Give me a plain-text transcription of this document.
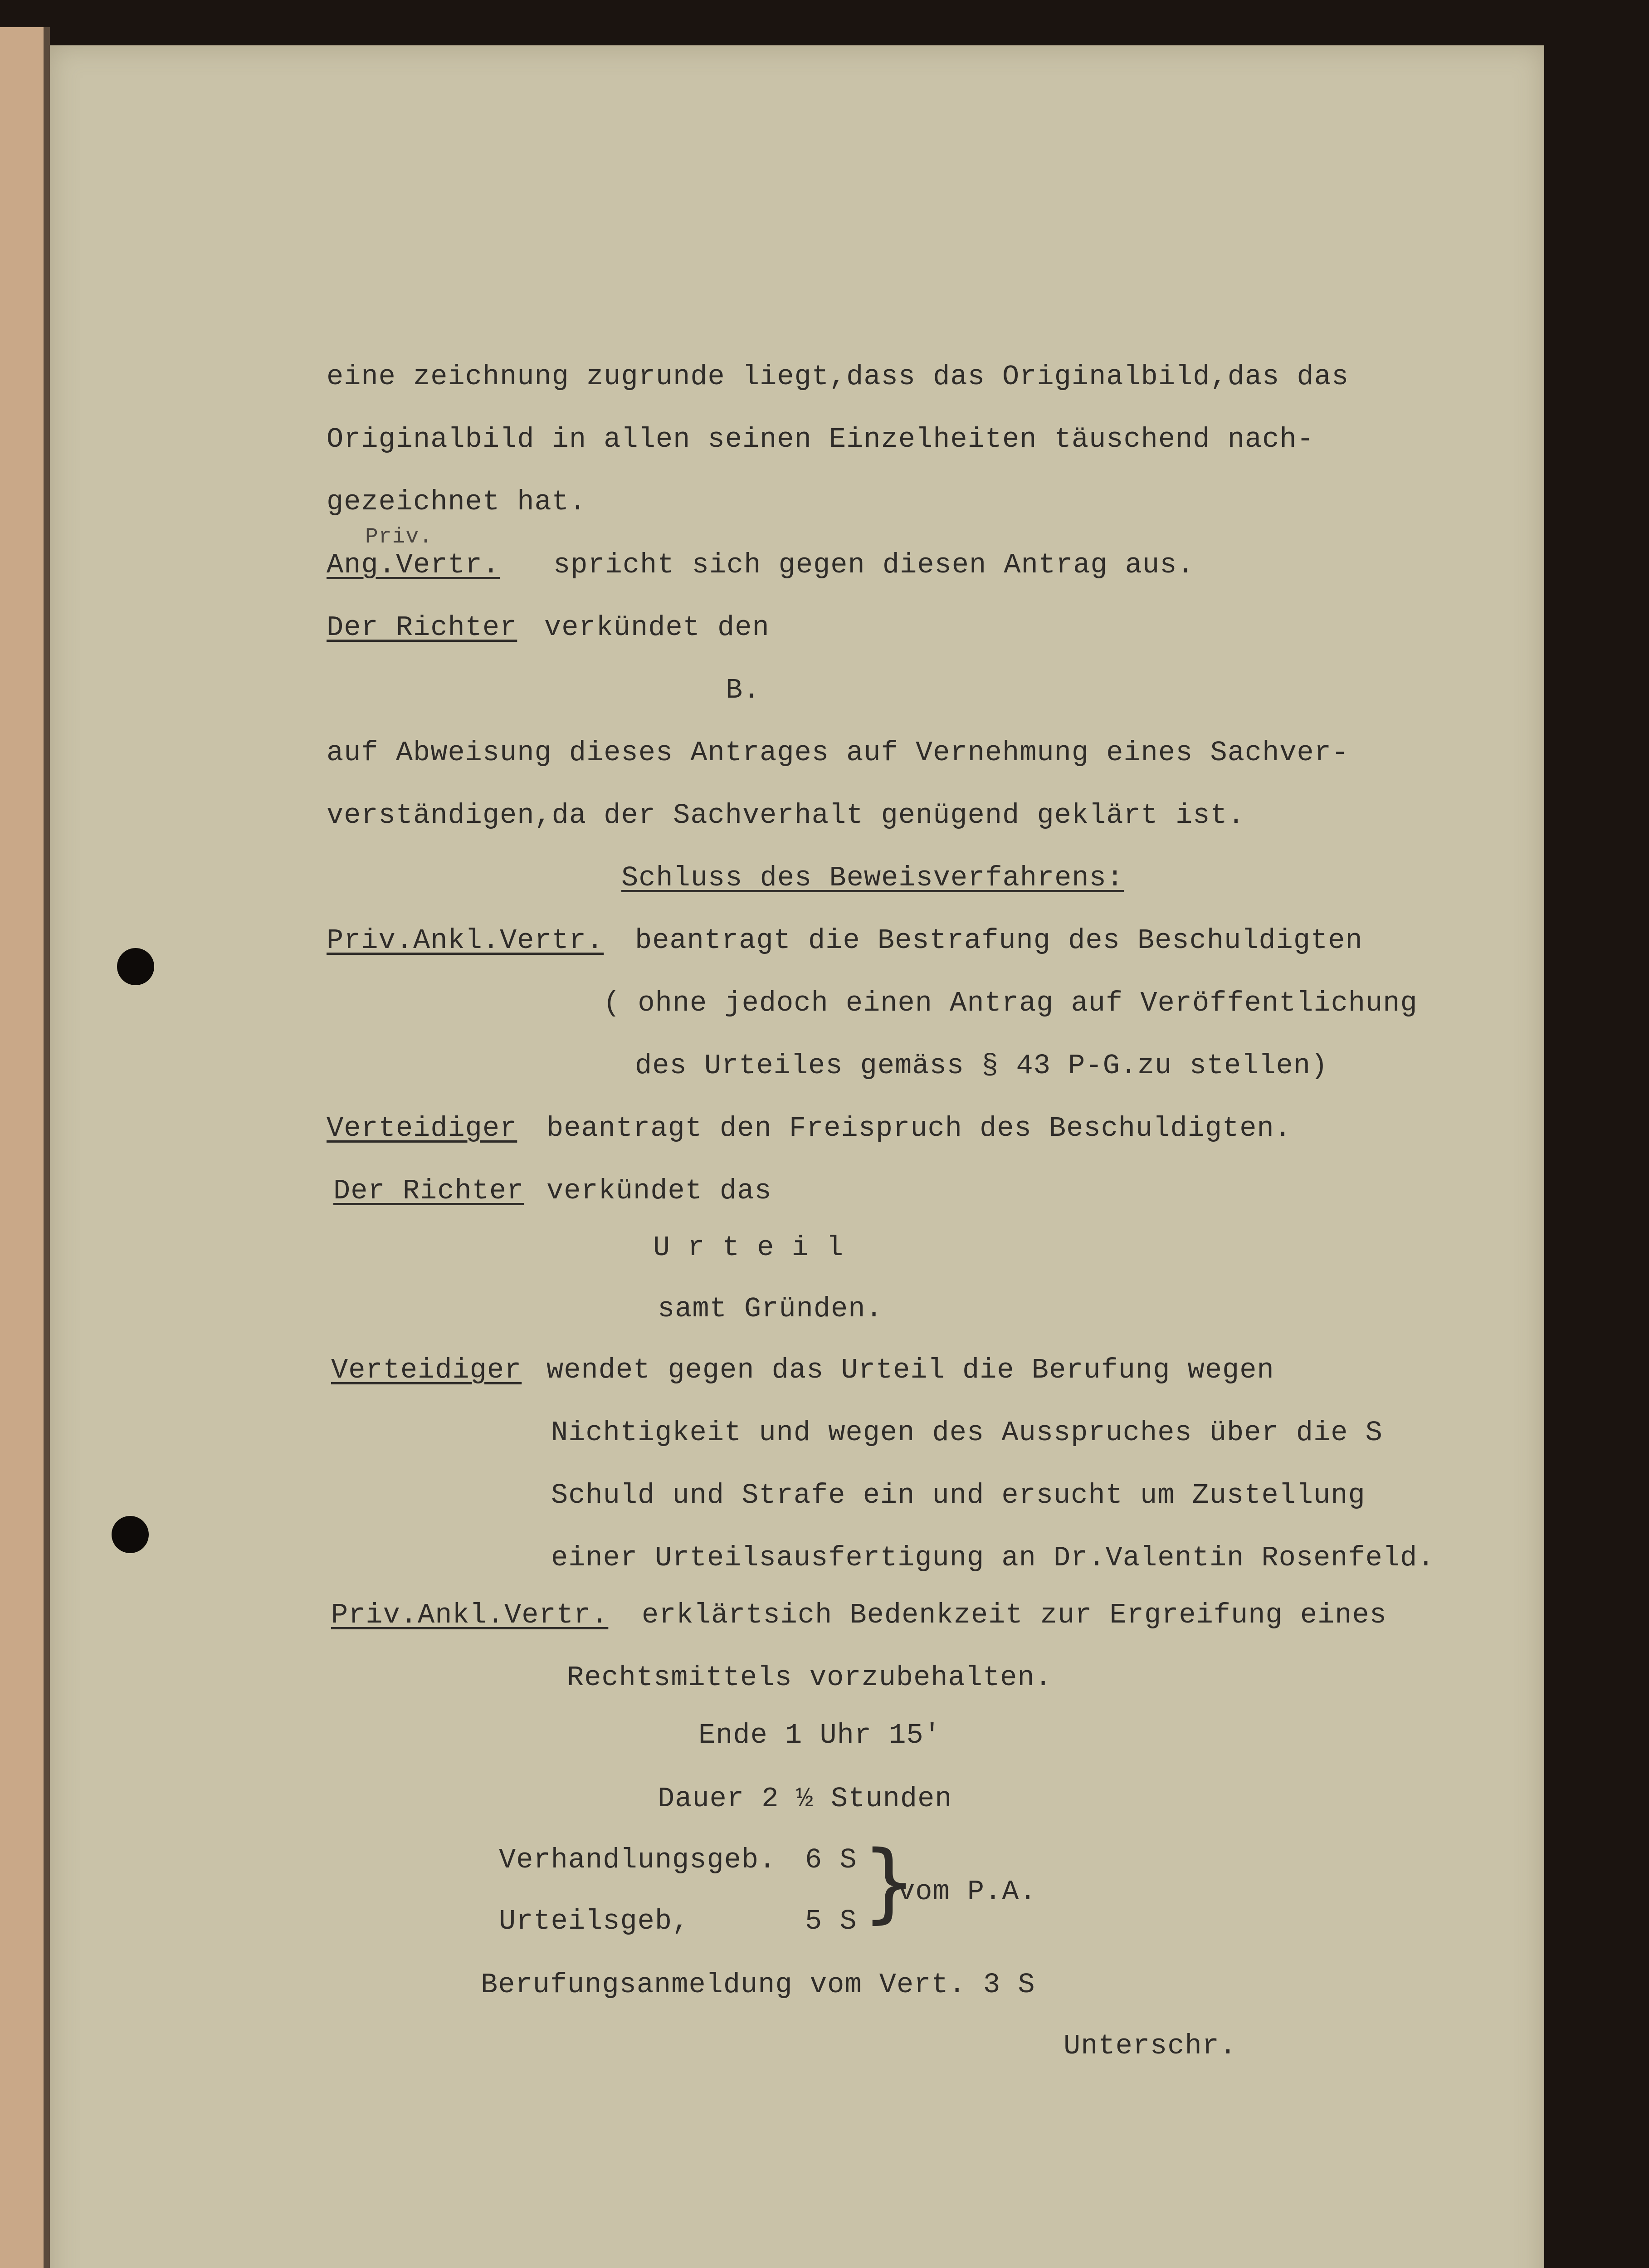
eine zeichnung zugrunde liegt,dass das Originalbild,das das
Originalbild in allen seinen Einzelheiten täuschend nach-
gezeichnet hat.
Priv.
Ang.Vertr. spricht sich gegen diesen Antrag aus.
Der Richter verkündet den
B.
auf Abweisung dieses Antrages auf Vernehmung eines Sachver-
verständigen,da der Sachverhalt genügend geklärt ist.
Schluss des Beweisverfahrens:
Priv.Ankl.Vertr. beantragt die Bestrafung des Beschuldigten
( ohne jedoch einen Antrag auf Veröffentlichung
des Urteiles gemäss § 43 P-G.zu stellen)
Verteidiger beantragt den Freispruch des Beschuldigten.
Der Richter verkündet das
U r t e i l
samt Gründen.
Verteidiger wendet gegen das Urteil die Berufung wegen
Nichtigkeit und wegen des Ausspruches über die S
Schuld und Strafe ein und ersucht um Zustellung
einer Urteilsausfertigung an Dr.Valentin Rosenfeld.
Priv.Ankl.Vertr. erklärtsich Bedenkzeit zur Ergreifung eines
Rechtsmittels vorzubehalten.
Ende 1 Uhr 15'
Dauer 2 ½ Stunden
Verhandlungsgeb. 6 S
Urteilsgeb,	5 S }
vom P.A.
Berufungsanmeldung vom Vert. 3 S
Unterschr.
